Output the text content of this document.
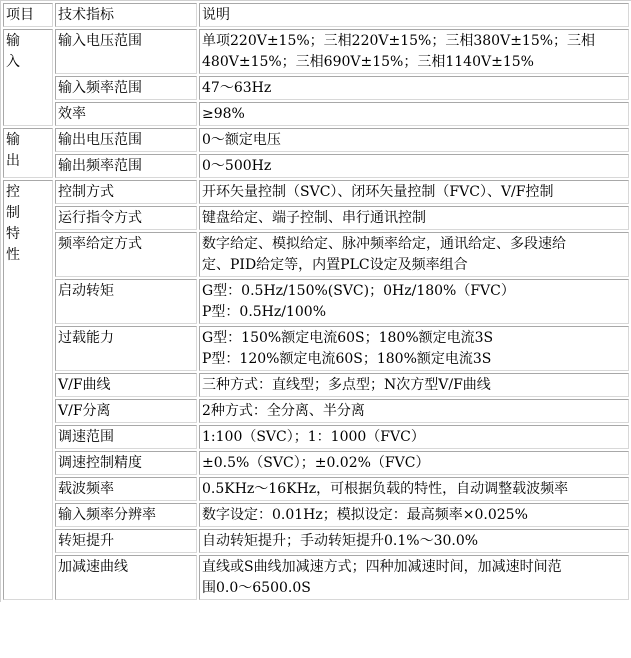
项目	技术指标	说明

输入	输入电压范围	单项220V±15%；三相220V±15%；三相380V±15%；三相
480V±15%；三相690V±15%；三相1140V±15%

	输入频率范围	47～63Hz

	效率	≥98%

输出	输出电压范围	0～额定电压

	输出频率范围	0～500Hz

控制特性	控制方式	开环矢量控制（SVC）、闭环矢量控制（FVC）、V/F控制

	运行指令方式	键盘给定、端子控制、串行通讯控制

	频率给定方式	数字给定、模拟给定、脉冲频率给定，通讯给定、多段速给
定、PID给定等，内置PLC设定及频率组合

	启动转矩	G型：0.5Hz/150%(SVC)；0Hz/180%（FVC）
P型：0.5Hz/100%

	过载能力	G型：150%额定电流60S；180%额定电流3S
P型：120%额定电流60S；180%额定电流3S

	V/F曲线	三种方式：直线型；多点型；N次方型V/F曲线

	V/F分离	2种方式：全分离、半分离

	调速范围	1:100（SVC）；1：1000（FVC）

	调速控制精度	±0.5%（SVC）；±0.02%（FVC）

	载波频率	0.5KHz～16KHz，可根据负载的特性，自动调整载波频率

	输入频率分辨率	数字设定：0.01Hz；模拟设定：最高频率×0.025%

	转矩提升	自动转矩提升；手动转矩提升0.1%～30.0%

	加减速曲线	直线或S曲线加减速方式；四种加减速时间，加减速时间范
围0.0～6500.0S
